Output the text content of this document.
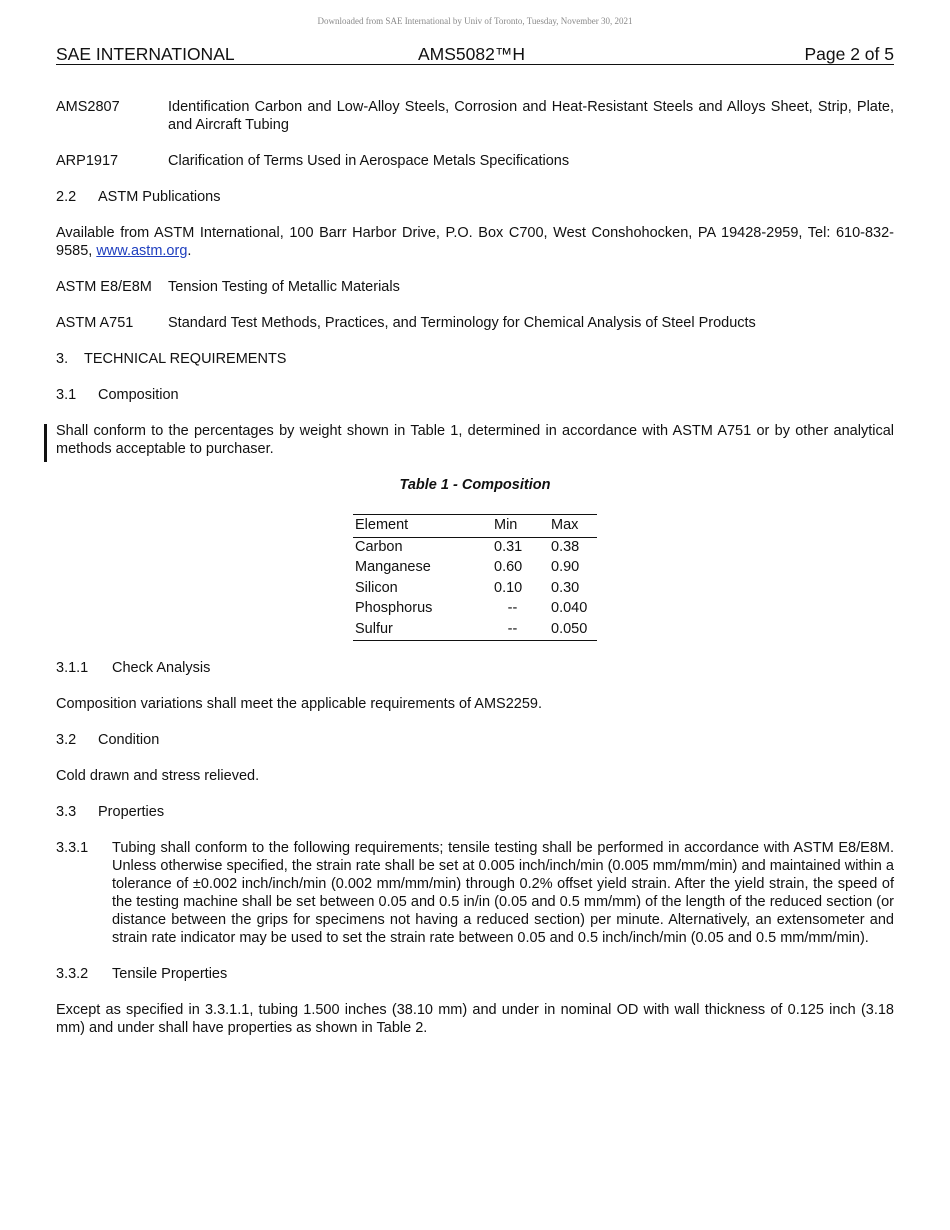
Downloaded from SAE International by Univ of Toronto, Tuesday, November 30, 2021
SAE INTERNATIONAL	AMS5082™H	Page 2 of 5
AMS2807	Identification Carbon and Low-Alloy Steels, Corrosion and Heat-Resistant Steels and Alloys Sheet, Strip, Plate, and Aircraft Tubing
ARP1917	Clarification of Terms Used in Aerospace Metals Specifications
2.2 ASTM Publications

Available from ASTM International, 100 Barr Harbor Drive, P.O. Box C700, West Conshohocken, PA 19428-2959, Tel: 610-832-9585, www.astm.org.

ASTM E8/E8M	Tension Testing of Metallic Materials
ASTM A751	Standard Test Methods, Practices, and Terminology for Chemical Analysis of Steel Products
3. TECHNICAL REQUIREMENTS
3.1 Composition

Shall conform to the percentages by weight shown in Table 1, determined in accordance with ASTM A751 or by other analytical methods acceptable to purchaser.

Table 1 - Composition
Element	Min	Max
Carbon	0.31	0.38
Manganese	0.60	0.90
Silicon	0.10	0.30
Phosphorus	--	0.040
Sulfur	--	0.050
3.1.1 Check Analysis

Composition variations shall meet the applicable requirements of AMS2259.

3.2 Condition

Cold drawn and stress relieved.

3.3 Properties
3.3.1	Tubing shall conform to the following requirements; tensile testing shall be performed in accordance with ASTM E8/E8M. Unless otherwise specified, the strain rate shall be set at 0.005 inch/inch/min (0.005 mm/mm/min) and maintained within a tolerance of ±0.002 inch/inch/min (0.002 mm/mm/min) through 0.2% offset yield strain. After the yield strain, the speed of the testing machine shall be set between 0.05 and 0.5 in/in (0.05 and 0.5 mm/mm) of the length of the reduced section (or distance between the grips for specimens not having a reduced section) per minute. Alternatively, an extensometer and strain rate indicator may be used to set the strain rate between 0.05 and 0.5 inch/inch/min (0.05 and 0.5 mm/mm/min).
3.3.2 Tensile Properties

Except as specified in 3.3.1.1, tubing 1.500 inches (38.10 mm) and under in nominal OD with wall thickness of 0.125 inch (3.18 mm) and under shall have properties as shown in Table 2.
